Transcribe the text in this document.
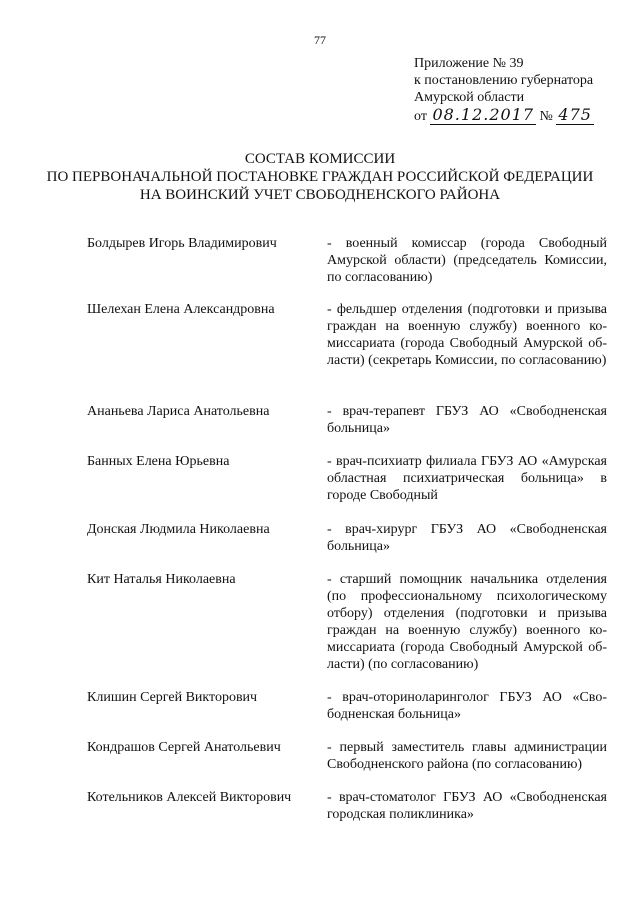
77
Приложение № 39
к постановлению губернатора
Амурской области
от 08.12.2017 № 475
СОСТАВ КОМИССИИ
ПО ПЕРВОНАЧАЛЬНОЙ ПОСТАНОВКЕ ГРАЖДАН РОССИЙСКОЙ ФЕДЕРАЦИИ
НА ВОИНСКИЙ УЧЕТ СВОБОДНЕНСКОГО РАЙОНА
Болдырев Игорь Владимирович	- военный комиссар (города Свободный Амурской области) (председатель Комиссии, по согласованию)
Шелехан Елена Александровна	- фельдшер отделения (подготовки и призыва граждан на военную службу) военного комиссариата (города Свободный Амурской области) (секретарь Комиссии, по согласованию)
Ананьева Лариса Анатольевна	- врач-терапевт ГБУЗ АО «Свободненская больница»
Банных Елена Юрьевна	- врач-психиатр филиала ГБУЗ АО «Амурская областная психиатрическая больница» в городе Свободный
Донская Людмила Николаевна	- врач-хирург ГБУЗ АО «Свободненская больница»
Кит Наталья Николаевна	- старший помощник начальника отделения (по профессиональному психологическому отбору) отделения (подготовки и призыва граждан на военную службу) военного комиссариата (города Свободный Амурской области) (по согласованию)
Клишин Сергей Викторович	- врач-оториноларинголог ГБУЗ АО «Свободненская больница»
Кондрашов Сергей Анатольевич	- первый заместитель главы администрации Свободненского района (по согласованию)
Котельников Алексей Викторович	- врач-стоматолог ГБУЗ АО «Свободненская городская поликлиника»
